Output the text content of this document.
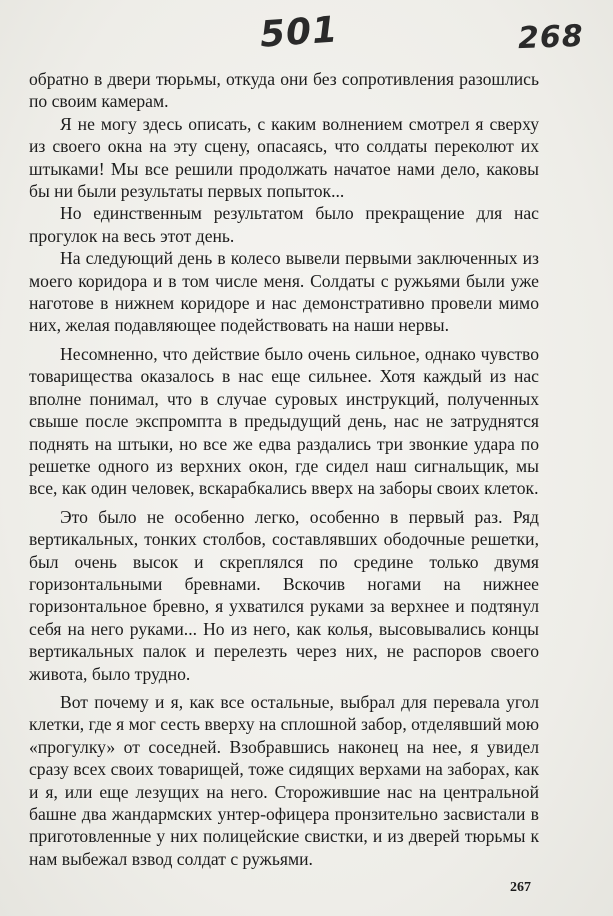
501	268

обратно в двери тюрьмы, откуда они без сопротивления разошлись по своим камерам.

Я не могу здесь описать, с каким волнением смотрел я сверху из своего окна на эту сцену, опасаясь, что солдаты переколют их штыками! Мы все решили продолжать начатое нами дело, каковы бы ни были результаты первых попыток...

Но единственным результатом было прекращение для нас прогулок на весь этот день.

На следующий день в колесо вывели первыми заключенных из моего коридора и в том числе меня. Солдаты с ружьями были уже наготове в нижнем коридоре и нас демонстративно провели мимо них, желая подавляющее подействовать на наши нервы.

Несомненно, что действие было очень сильное, однако чувство товарищества оказалось в нас еще сильнее. Хотя каждый из нас вполне понимал, что в случае суровых инструкций, полученных свыше после экспромпта в предыдущий день, нас не затруднятся поднять на штыки, но все же едва раздались три звонкие удара по решетке одного из верхних окон, где сидел наш сигнальщик, мы все, как один человек, вскарабкались вверх на заборы своих клеток.

Это было не особенно легко, особенно в первый раз. Ряд вертикальных, тонких столбов, составлявших ободочные решетки, был очень высок и скреплялся по средине только двумя горизонтальными бревнами. Вскочив ногами на нижнее горизонтальное бревно, я ухватился руками за верхнее и подтянул себя на него руками... Но из него, как колья, высовывались концы вертикальных палок и перелезть через них, не распоров своего живота, было трудно.

Вот почему и я, как все остальные, выбрал для перевала угол клетки, где я мог сесть вверху на сплошной забор, отделявший мою «прогулку» от соседней. Взобравшись наконец на нее, я увидел сразу всех своих товарищей, тоже сидящих верхами на заборах, как и я, или еще лезущих на него. Сторожившие нас на центральной башне два жандармских унтер-офицера пронзительно засвистали в приготовленные у них полицейские свистки, и из дверей тюрьмы к нам выбежал взвод солдат с ружьями.

267
